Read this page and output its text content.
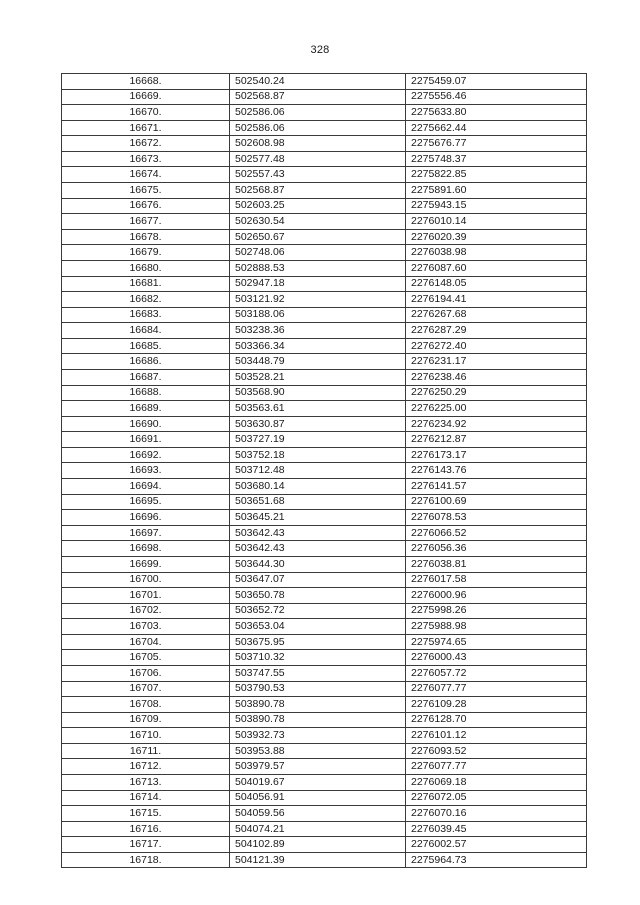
328
16668.	502540.24	2275459.07
16669.	502568.87	2275556.46
16670.	502586.06	2275633.80
16671.	502586.06	2275662.44
16672.	502608.98	2275676.77
16673.	502577.48	2275748.37
16674.	502557.43	2275822.85
16675.	502568.87	2275891.60
16676.	502603.25	2275943.15
16677.	502630.54	2276010.14
16678.	502650.67	2276020.39
16679.	502748.06	2276038.98
16680.	502888.53	2276087.60
16681.	502947.18	2276148.05
16682.	503121.92	2276194.41
16683.	503188.06	2276267.68
16684.	503238.36	2276287.29
16685.	503366.34	2276272.40
16686.	503448.79	2276231.17
16687.	503528.21	2276238.46
16688.	503568.90	2276250.29
16689.	503563.61	2276225.00
16690.	503630.87	2276234.92
16691.	503727.19	2276212.87
16692.	503752.18	2276173.17
16693.	503712.48	2276143.76
16694.	503680.14	2276141.57
16695.	503651.68	2276100.69
16696.	503645.21	2276078.53
16697.	503642.43	2276066.52
16698.	503642.43	2276056.36
16699.	503644.30	2276038.81
16700.	503647.07	2276017.58
16701.	503650.78	2276000.96
16702.	503652.72	2275998.26
16703.	503653.04	2275988.98
16704.	503675.95	2275974.65
16705.	503710.32	2276000.43
16706.	503747.55	2276057.72
16707.	503790.53	2276077.77
16708.	503890.78	2276109.28
16709.	503890.78	2276128.70
16710.	503932.73	2276101.12
16711.	503953.88	2276093.52
16712.	503979.57	2276077.77
16713.	504019.67	2276069.18
16714.	504056.91	2276072.05
16715.	504059.56	2276070.16
16716.	504074.21	2276039.45
16717.	504102.89	2276002.57
16718.	504121.39	2275964.73
